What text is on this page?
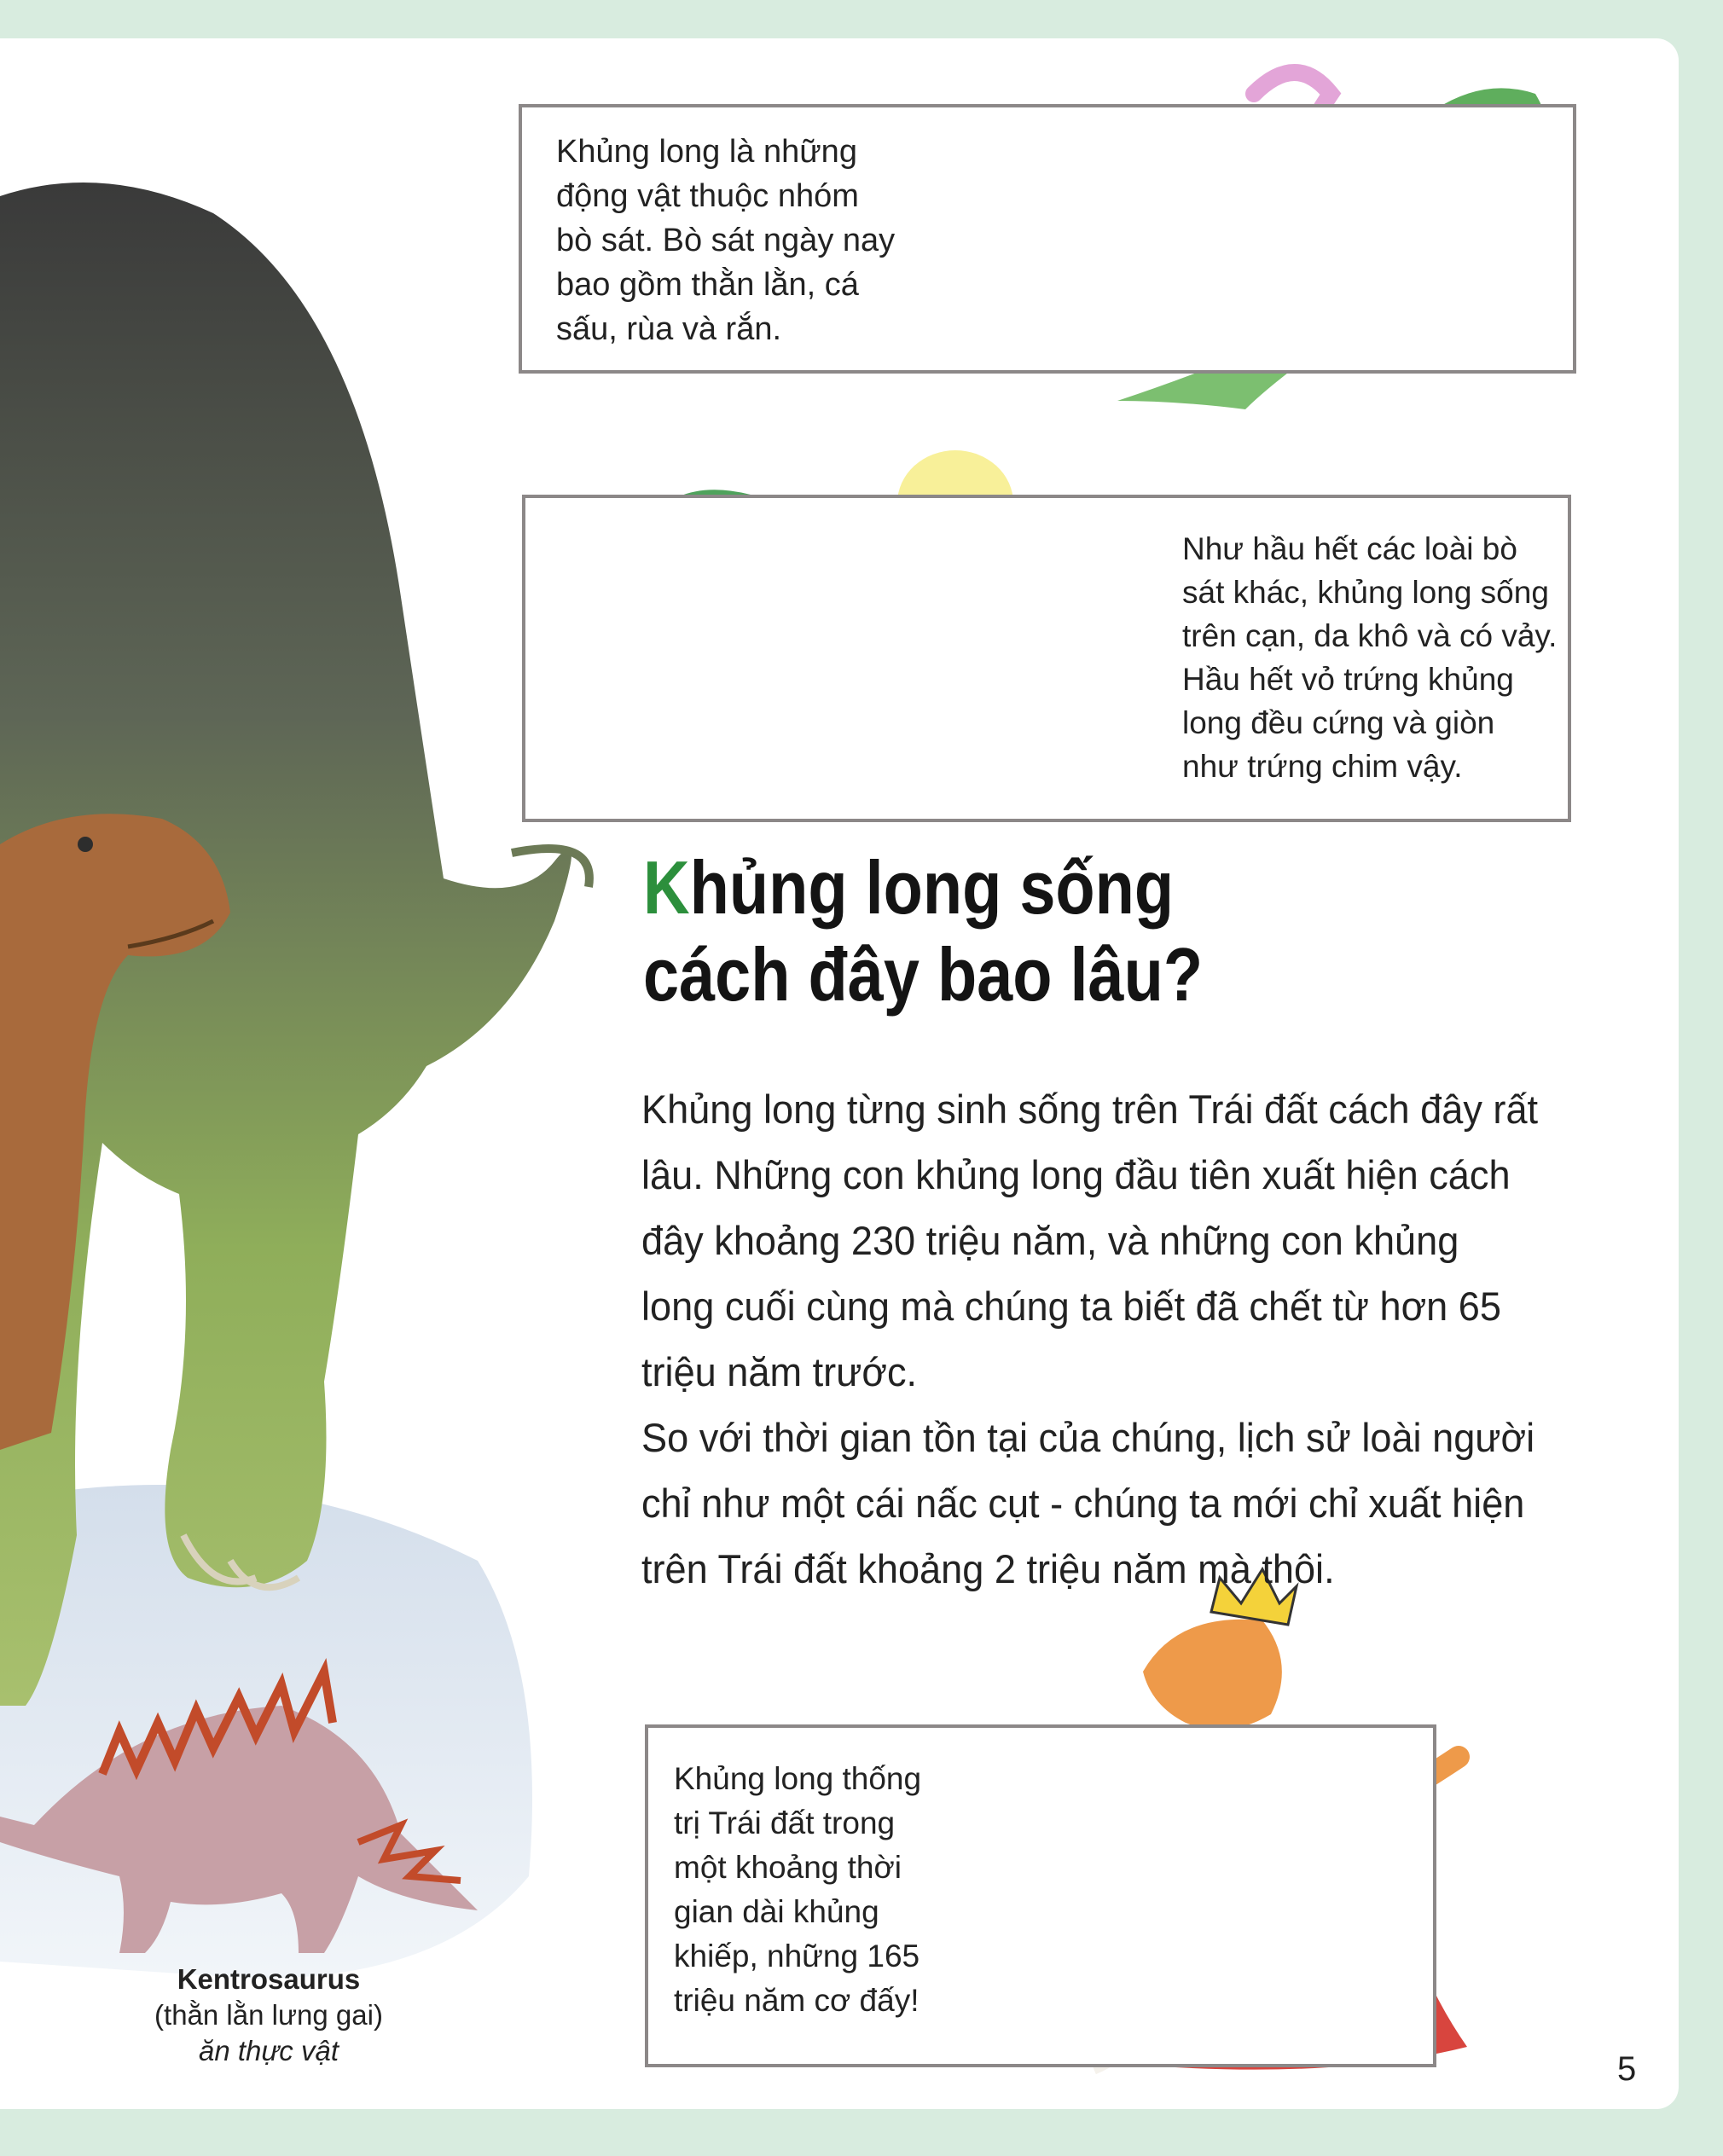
Khủng long là những
động vật thuộc nhóm
bò sát. Bò sát ngày nay
bao gồm thằn lằn, cá
sấu, rùa và rắn.
Như hầu hết các loài bò
sát khác, khủng long sống
trên cạn, da khô và có vảy.
Hầu hết vỏ trứng khủng
long đều cứng và giòn
như trứng chim vậy.
Khủng long sống
cách đây bao lâu?
Khủng long từng sinh sống trên Trái đất cách đây rất
lâu. Những con khủng long đầu tiên xuất hiện cách
đây khoảng 230 triệu năm, và những con khủng
long cuối cùng mà chúng ta biết đã chết từ hơn 65
triệu năm trước.
So với thời gian tồn tại của chúng, lịch sử loài người
chỉ như một cái nấc cụt - chúng ta mới chỉ xuất hiện
trên Trái đất khoảng 2 triệu năm mà thôi.
Khủng long thống
trị Trái đất trong
một khoảng thời
gian dài khủng
khiếp, những 165
triệu năm cơ đấy!
Kentrosaurus
(thằn lằn lưng gai)
ăn thực vật	5
